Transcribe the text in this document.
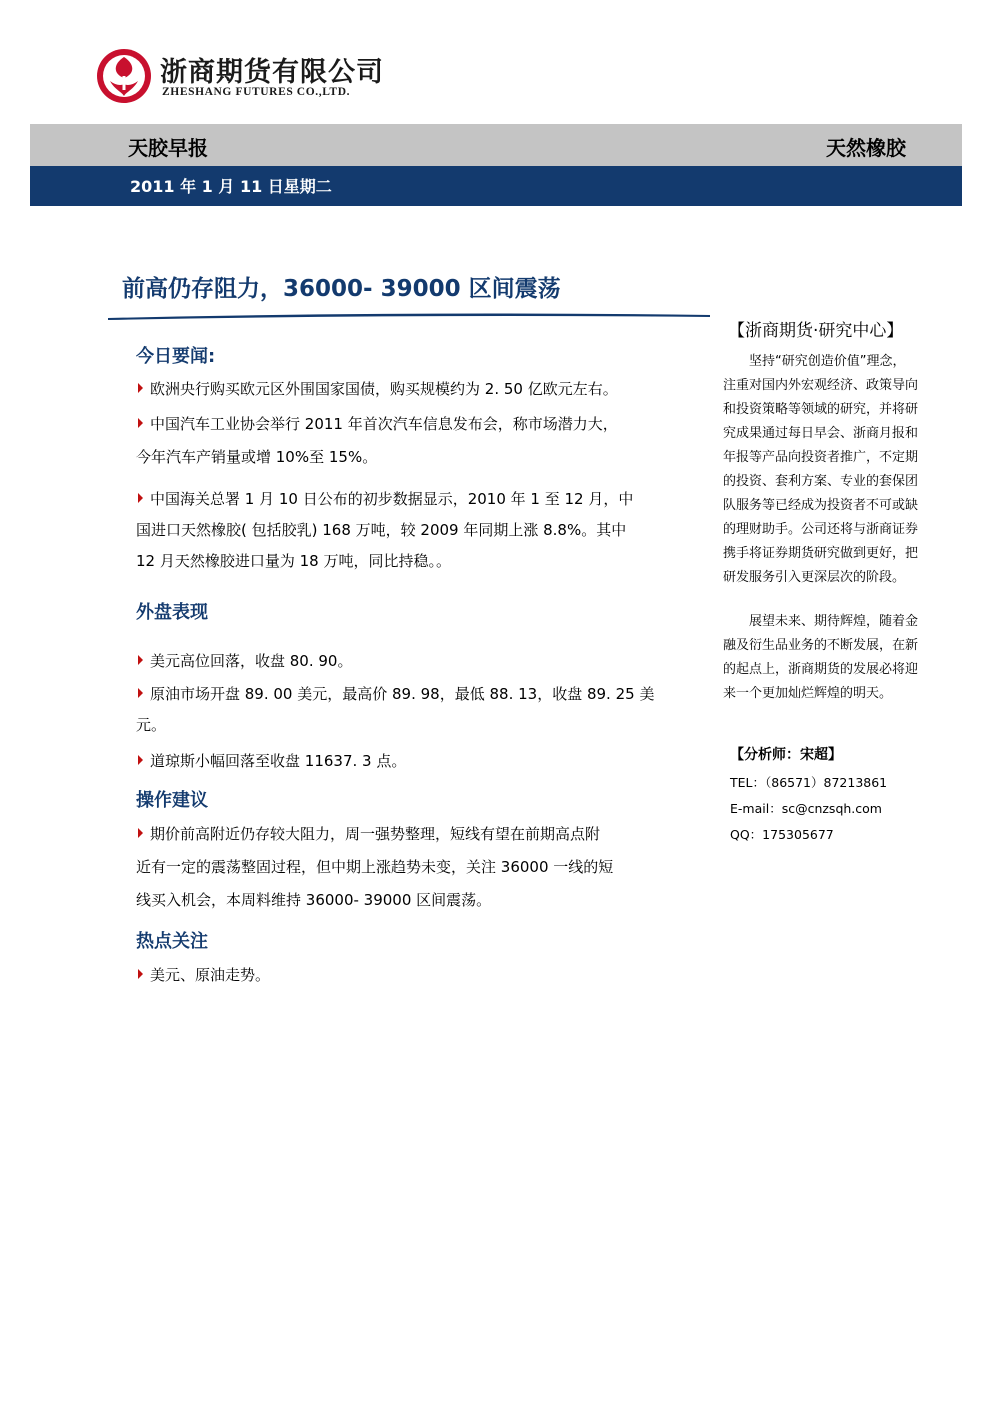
浙商期货有限公司
ZHESHANG FUTURES CO.,LTD.
天胶早报	天然橡胶
2011 年 1 月 11 日星期二
前高仍存阻力，36000- 39000 区间震荡
今日要闻:
欧洲央行购买欧元区外围国家国债，购买规模约为 2. 50 亿欧元左右。
中国汽车工业协会举行 2011 年首次汽车信息发布会，称市场潜力大，
今年汽车产销量或增 10%至 15%。
中国海关总署 1 月 10 日公布的初步数据显示，2010 年 1 至 12 月，中
国进口天然橡胶( 包括胶乳) 168 万吨，较 2009 年同期上涨 8.8%。其中
12 月天然橡胶进口量为 18 万吨，同比持稳。。
外盘表现
美元高位回落，收盘 80. 90。
原油市场开盘 89. 00 美元，最高价 89. 98，最低 88. 13，收盘 89. 25 美
元。
道琼斯小幅回落至收盘 11637. 3 点。
操作建议
期价前高附近仍存较大阻力，周一强势整理，短线有望在前期高点附
近有一定的震荡整固过程，但中期上涨趋势未变，关注 36000 一线的短
线买入机会，本周料维持 36000- 39000 区间震荡。
热点关注
美元、原油走势。
【浙商期货·研究中心】
　　坚持“研究创造价值”理念，
注重对国内外宏观经济、政策导向
和投资策略等领域的研究，并将研
究成果通过每日早会、浙商月报和
年报等产品向投资者推广，不定期
的投资、套利方案、专业的套保团
队服务等已经成为投资者不可或缺
的理财助手。公司还将与浙商证券
携手将证券期货研究做到更好，把
研发服务引入更深层次的阶段。
　　展望未来、期待辉煌，随着金
融及衍生品业务的不断发展，在新
的起点上，浙商期货的发展必将迎
来一个更加灿烂辉煌的明天。
【分析师：宋超】
TEL：（86571）87213861
E-mail：sc@cnzsqh.com
QQ：175305677
